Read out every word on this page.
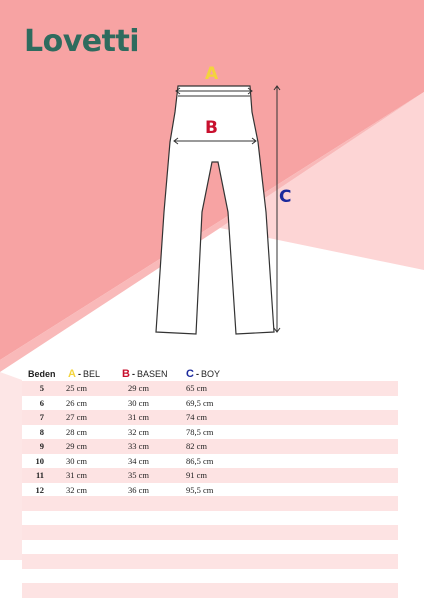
Lovetti
A
B
C
Beden	A - BEL B - BASEN C - BOY
5	25 cm	29 cm	65 cm
6	26 cm	30 cm	69,5 cm
7	27 cm	31 cm	74 cm
8	28 cm	32 cm	78,5 cm
9	29 cm	33 cm	82 cm
10	30 cm	34 cm	86,5 cm
11	31 cm	35 cm	91 cm
12	32 cm	36 cm	95,5 cm
